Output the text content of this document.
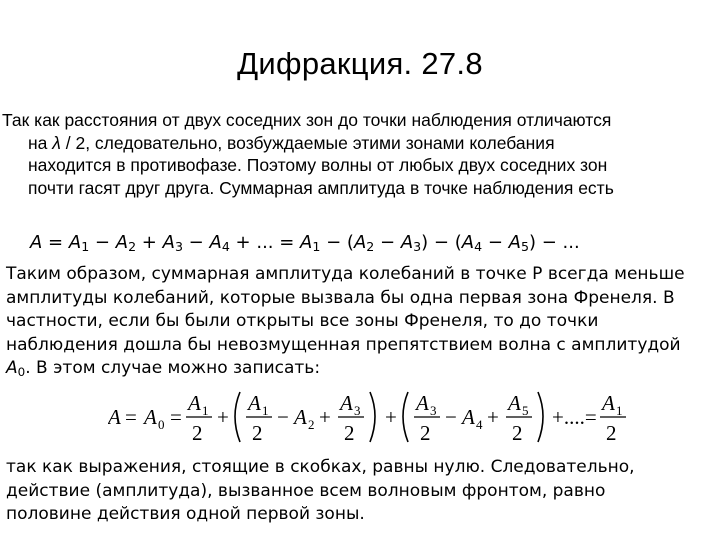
Дифракция. 27.8
Так как расстояния от двух соседних зон до точки наблюдения отличаются
на λ / 2, следовательно, возбуждаемые этими зонами колебания
находится в противофазе. Поэтому волны от любых двух соседних зон
почти гасят друг друга. Суммарная амплитуда в точке наблюдения есть
$A = A_1 - A_2 + A_3 - A_4$ + ... = $A_1 - (A_2 - A_3) - (A_4 - A_5)$ − ...
Таким образом, суммарная амплитуда колебаний в точке Р всегда меньше
амплитуды колебаний, которые вызвала бы одна первая зона Френеля. В
частности, если бы были открыты все зоны Френеля, то до точки
наблюдения дошла бы невозмущенная препятствием волна с амплитудой
$A_0$. В этом случае можно записать:
A = A 0 =
A 1
2
+
A 1
2
− A 2 +
A 3
2
+
A 3
2
− A 4 +
A 5
2
+....=
A 1
2
так как выражения, стоящие в скобках, равны нулю. Следовательно,
действие (амплитуда), вызванное всем волновым фронтом, равно
половине действия одной первой зоны.
